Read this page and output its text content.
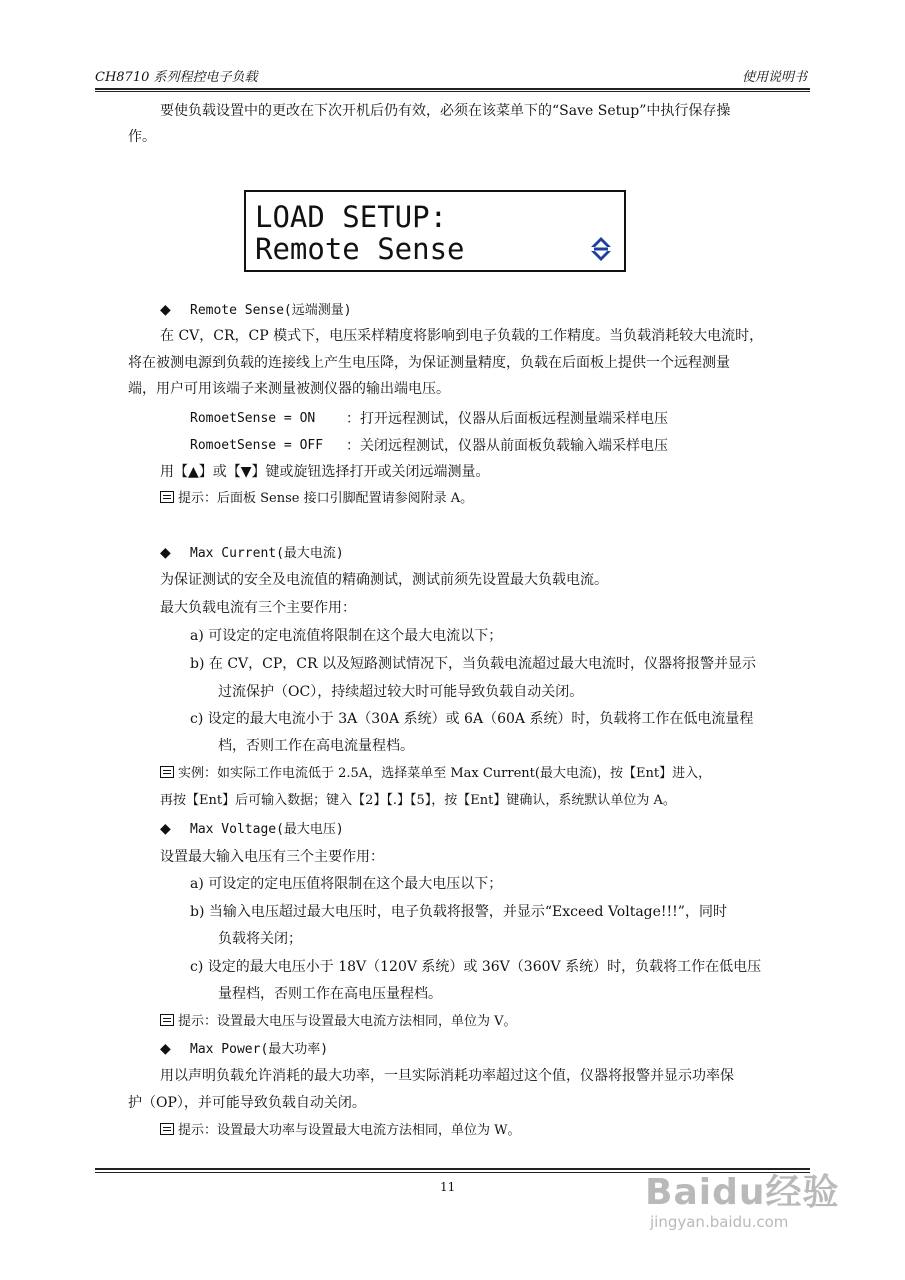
CH8710 系列程控电子负载	使用说明书
要使负载设置中的更改在下次开机后仍有效，必须在该菜单下的“Save Setup”中执行保存操
作。
LOAD SETUP:
Remote Sense
◆ Remote Sense(远端测量)
在 CV，CR，CP 模式下，电压采样精度将影响到电子负载的工作精度。当负载消耗较大电流时，
将在被测电源到负载的连接线上产生电压降，为保证测量精度，负载在后面板上提供一个远程测量
端，用户可用该端子来测量被测仪器的输出端电压。
RomoetSense = ON ：打开远程测试，仪器从后面板远程测量端采样电压
RomoetSense = OFF ：关闭远程测试，仪器从前面板负载输入端采样电压
用【▲】或【▼】键或旋钮选择打开或关闭远端测量。
提示：后面板 Sense 接口引脚配置请参阅附录 A。
◆ Max Current(最大电流)
为保证测试的安全及电流值的精确测试，测试前须先设置最大负载电流。
最大负载电流有三个主要作用：
a) 可设定的定电流值将限制在这个最大电流以下；
b) 在 CV，CP，CR 以及短路测试情况下，当负载电流超过最大电流时，仪器将报警并显示
过流保护（OC），持续超过较大时可能导致负载自动关闭。
c) 设定的最大电流小于 3A（30A 系统）或 6A（60A 系统）时，负载将工作在低电流量程
档，否则工作在高电流量程档。
实例：如实际工作电流低于 2.5A，选择菜单至 Max Current(最大电流)，按【Ent】进入，
再按【Ent】后可输入数据；键入【2】【.】【5】，按【Ent】键确认，系统默认单位为 A。
◆ Max Voltage(最大电压)
设置最大输入电压有三个主要作用：
a) 可设定的定电压值将限制在这个最大电压以下；
b) 当输入电压超过最大电压时，电子负载将报警，并显示“Exceed Voltage!!!”，同时
负载将关闭；
c) 设定的最大电压小于 18V（120V 系统）或 36V（360V 系统）时，负载将工作在低电压
量程档，否则工作在高电压量程档。
提示：设置最大电压与设置最大电流方法相同，单位为 V。
◆ Max Power(最大功率)
用以声明负载允许消耗的最大功率，一旦实际消耗功率超过这个值，仪器将报警并显示功率保
护（OP），并可能导致负载自动关闭。
提示：设置最大功率与设置最大电流方法相同，单位为 W。
11	Baidu经验
jingyan.baidu.com
